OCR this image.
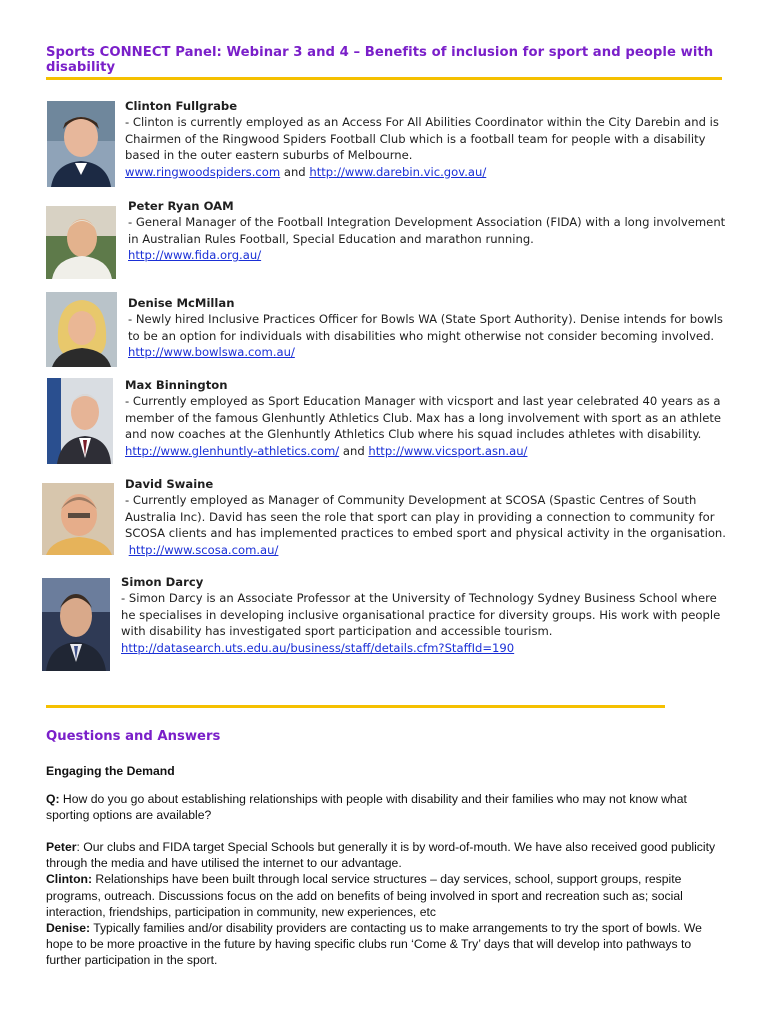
Sports CONNECT Panel: Webinar 3 and 4 – Benefits of inclusion for sport and people with disability
Clinton Fullgrabe

- Clinton is currently employed as an Access For All Abilities Coordinator within the City Darebin and is Chairmen of the Ringwood Spiders Football Club which is a football team for people with a disability based in the outer eastern suburbs of Melbourne.

www.ringwoodspiders.com and http://www.darebin.vic.gov.au/

Peter Ryan OAM

- General Manager of the Football Integration Development Association (FIDA) with a long involvement in Australian Rules Football, Special Education and marathon running.

http://www.fida.org.au/

Denise McMillan

- Newly hired Inclusive Practices Officer for Bowls WA (State Sport Authority). Denise intends for bowls to be an option for individuals with disabilities who might otherwise not consider becoming involved.

http://www.bowlswa.com.au/

Max Binnington

- Currently employed as Sport Education Manager with vicsport and last year celebrated 40 years as a member of the famous Glenhuntly Athletics Club. Max has a long involvement with sport as an athlete and now coaches at the Glenhuntly Athletics Club where his squad includes athletes with disability.

http://www.glenhuntly-athletics.com/ and http://www.vicsport.asn.au/

David Swaine

- Currently employed as Manager of Community Development at SCOSA (Spastic Centres of South Australia Inc). David has seen the role that sport can play in providing a connection to community for SCOSA clients and has implemented practices to embed sport and physical activity in the organisation.

http://www.scosa.com.au/

Simon Darcy

- Simon Darcy is an Associate Professor at the University of Technology Sydney Business School where he specialises in developing inclusive organisational practice for diversity groups. His work with people with disability has investigated sport participation and accessible tourism.

http://datasearch.uts.edu.au/business/staff/details.cfm?StaffId=190

Questions and Answers

Engaging the Demand

Q: How do you go about establishing relationships with people with disability and their families who may not know what sporting options are available?

Peter: Our clubs and FIDA target Special Schools but generally it is by word-of-mouth. We have also received good publicity through the media and have utilised the internet to our advantage.

Clinton: Relationships have been built through local service structures – day services, school, support groups, respite programs, outreach. Discussions focus on the add on benefits of being involved in sport and recreation such as; social interaction, friendships, participation in community, new experiences, etc

Denise: Typically families and/or disability providers are contacting us to make arrangements to try the sport of bowls. We hope to be more proactive in the future by having specific clubs run ‘Come & Try’ days that will develop into pathways to further participation in the sport.
